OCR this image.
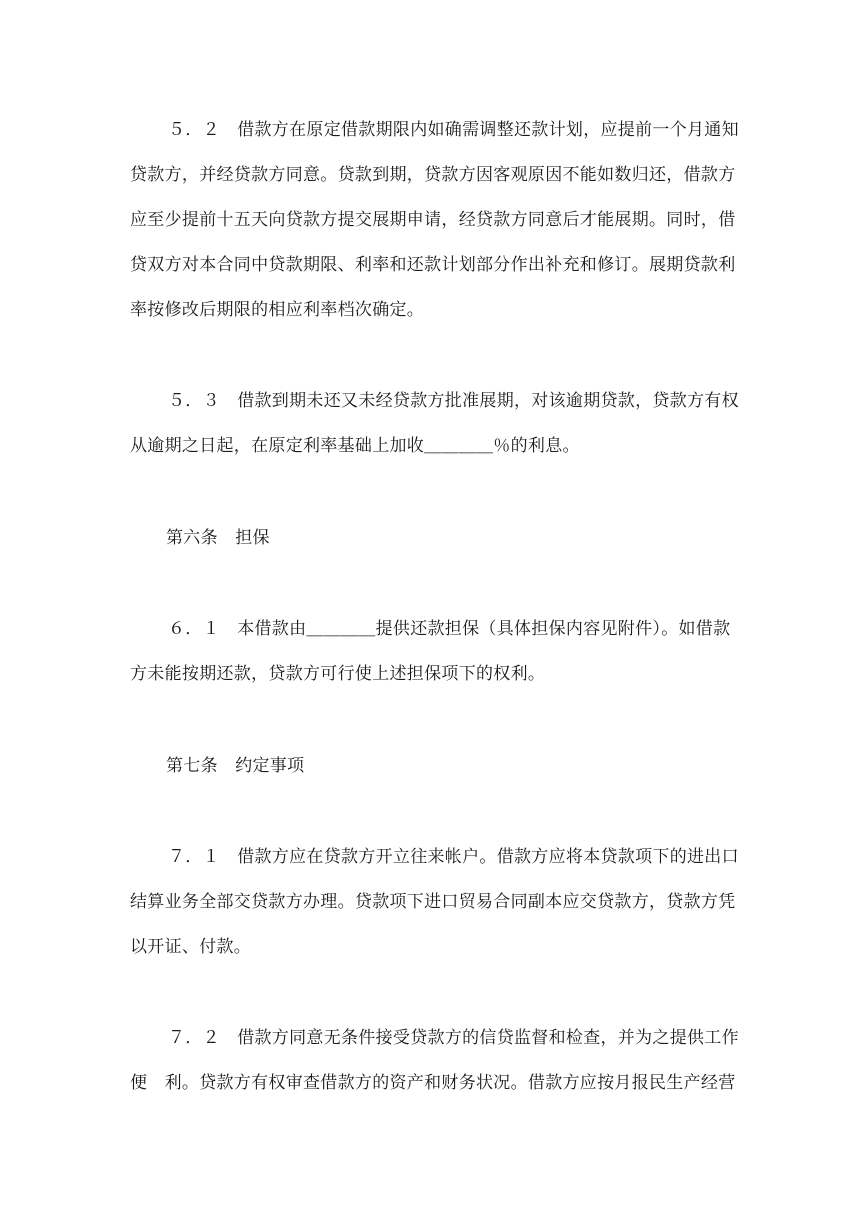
５．２　借款方在原定借款期限内如确需调整还款计划，应提前一个月通知
贷款方，并经贷款方同意。贷款到期，贷款方因客观原因不能如数归还，借款方
应至少提前十五天向贷款方提交展期申请，经贷款方同意后才能展期。同时，借
贷双方对本合同中贷款期限、利率和还款计划部分作出补充和修订。展期贷款利
率按修改后期限的相应利率档次确定。
５．３　借款到期未还又未经贷款方批准展期，对该逾期贷款，贷款方有权
从逾期之日起，在原定利率基础上加收＿＿＿＿％的利息。
第六条　担保
６．１　本借款由＿＿＿＿提供还款担保（具体担保内容见附件）。如借款
方未能按期还款，贷款方可行使上述担保项下的权利。
第七条　约定事项
７．１　借款方应在贷款方开立往来帐户。借款方应将本贷款项下的进出口
结算业务全部交贷款方办理。贷款项下进口贸易合同副本应交贷款方，贷款方凭
以开证、付款。
７．２　借款方同意无条件接受贷款方的信贷监督和检查，并为之提供工作
便　利。贷款方有权审查借款方的资产和财务状况。借款方应按月报民生产经营
